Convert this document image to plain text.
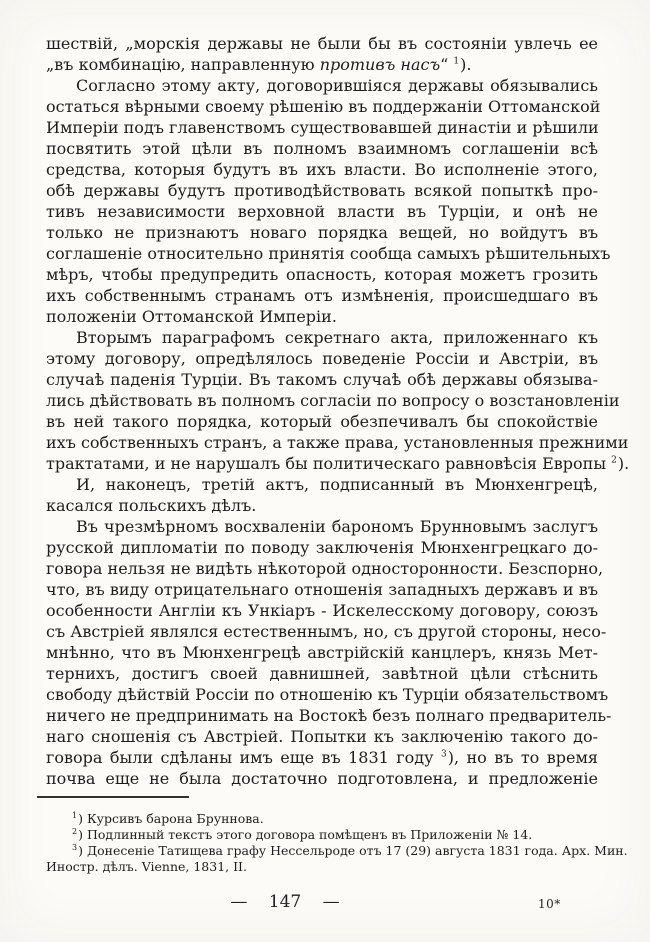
шествій, „морскія державы не были бы въ состояніи увлечь ее
„въ комбинацію, направленную противъ насъ“ $^1$).
Согласно этому акту, договорившіяся державы обязывались
остаться вѣрными своему рѣшенію въ поддержаніи Оттоманской
Имперіи подъ главенствомъ существовавшей династіи и рѣшили
посвятить этой цѣли въ полномъ взаимномъ соглашеніи всѣ
средства, которыя будутъ въ ихъ власти. Во исполненіе этого,
обѣ державы будутъ противодѣйствовать всякой попыткѣ про-
тивъ независимости верховной власти въ Турціи, и онѣ не
только не признаютъ новаго порядка вещей, но войдутъ въ
соглашеніе относительно принятія сообща самыхъ рѣшительныхъ
мѣръ, чтобы предупредить опасность, которая можетъ грозить
ихъ собственнымъ странамъ отъ измѣненія, происшедшаго въ
положеніи Оттоманской Имперіи.
Вторымъ параграфомъ секретнаго акта, приложеннаго къ
этому договору, опредѣлялось поведеніе Россіи и Австріи, въ
случаѣ паденія Турціи. Въ такомъ случаѣ обѣ державы обязыва-
лись дѣйствовать въ полномъ согласіи по вопросу о возстановленіи
въ ней такого порядка, который обезпечивалъ бы спокойствіе
ихъ собственныхъ странъ, а также права, установленныя прежними
трактатами, и не нарушалъ бы политическаго равновѣсія Европы $^2$).
И, наконецъ, третій актъ, подписанный въ Мюнхенгрецѣ,
касался польскихъ дѣлъ.
Въ чрезмѣрномъ восхваленіи барономъ Брунновымъ заслугъ
русской дипломатіи по поводу заключенія Мюнхенгрецкаго до-
говора нельзя не видѣть нѣкоторой односторонности. Безспорно,
что, въ виду отрицательнаго отношенія западныхъ державъ и въ
особенности Англіи къ Ункіаръ - Искелесскому договору, союзъ
съ Австріей являлся естественнымъ, но, съ другой стороны, несо-
мнѣнно, что въ Мюнхенгрецѣ австрійскій канцлеръ, князь Мет-
тернихъ, достигъ своей давнишней, завѣтной цѣли стѣснить
свободу дѣйствій Россіи по отношенію къ Турціи обязательствомъ
ничего не предпринимать на Востокѣ безъ полнаго предваритель-
наго сношенія съ Австріей. Попытки къ заключенію такого до-
говора были сдѣланы имъ еще въ 1831 году $^3$), но въ то время
почва еще не была достаточно подготовлена, и предложеніе
$^1$) Курсивъ барона Бруннова.
$^2$) Подлинный текстъ этого договора помѣщенъ въ Приложеніи № 14.
$^3$) Донесеніе Татищева графу Нессельроде отъ 17 (29) августа 1831 года. Арх. Мин.
Иностр. дѣлъ. Vienne, 1831, II.
— 147 —	10*
